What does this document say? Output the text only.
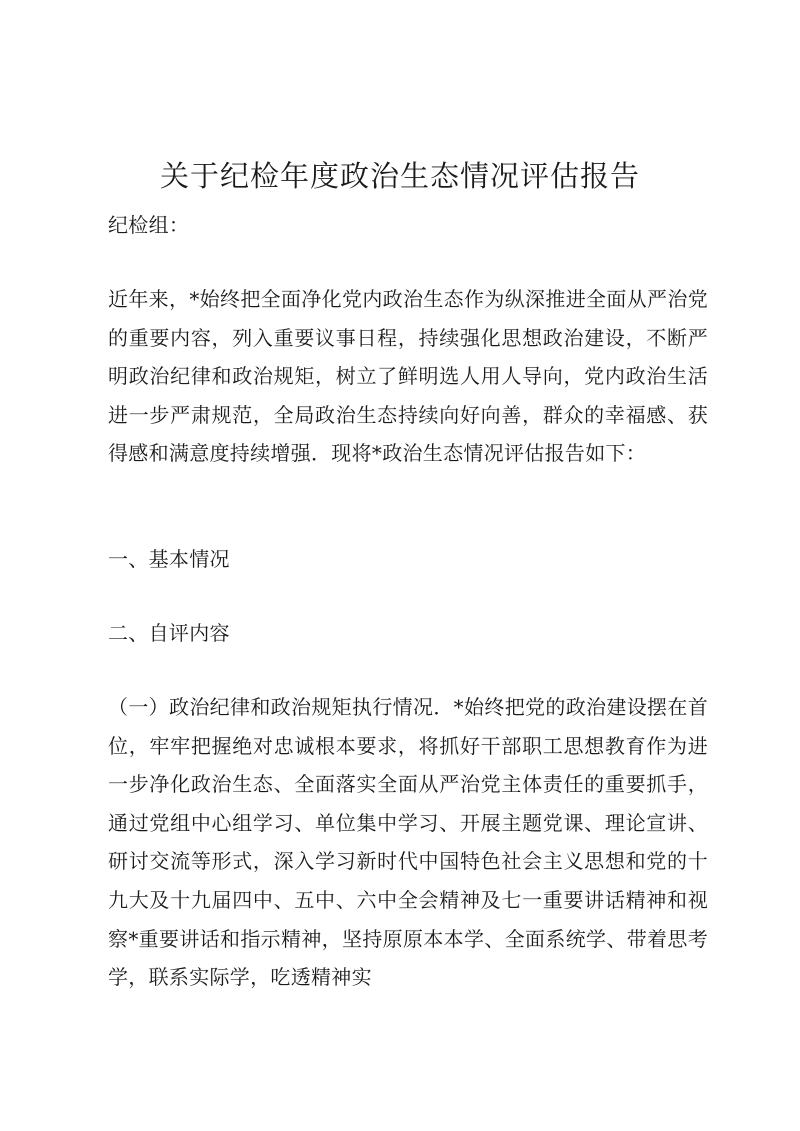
关于纪检年度政治生态情况评估报告

纪检组：

近年来，*始终把全面净化党内政治生态作为纵深推进全面从严治党的重要内容，列入重要议事日程，持续强化思想政治建设，不断严明政治纪律和政治规矩，树立了鲜明选人用人导向，党内政治生活进一步严肃规范，全局政治生态持续向好向善，群众的幸福感、获得感和满意度持续增强．现将*政治生态情况评估报告如下：

一、基本情况

二、自评内容

（一）政治纪律和政治规矩执行情况．*始终把党的政治建设摆在首位，牢牢把握绝对忠诚根本要求，将抓好干部职工思想教育作为进一步净化政治生态、全面落实全面从严治党主体责任的重要抓手，通过党组中心组学习、单位集中学习、开展主题党课、理论宣讲、研讨交流等形式，深入学习新时代中国特色社会主义思想和党的十九大及十九届四中、五中、六中全会精神及七一重要讲话精神和视察*重要讲话和指示精神，坚持原原本本学、全面系统学、带着思考学，联系实际学，吃透精神实
